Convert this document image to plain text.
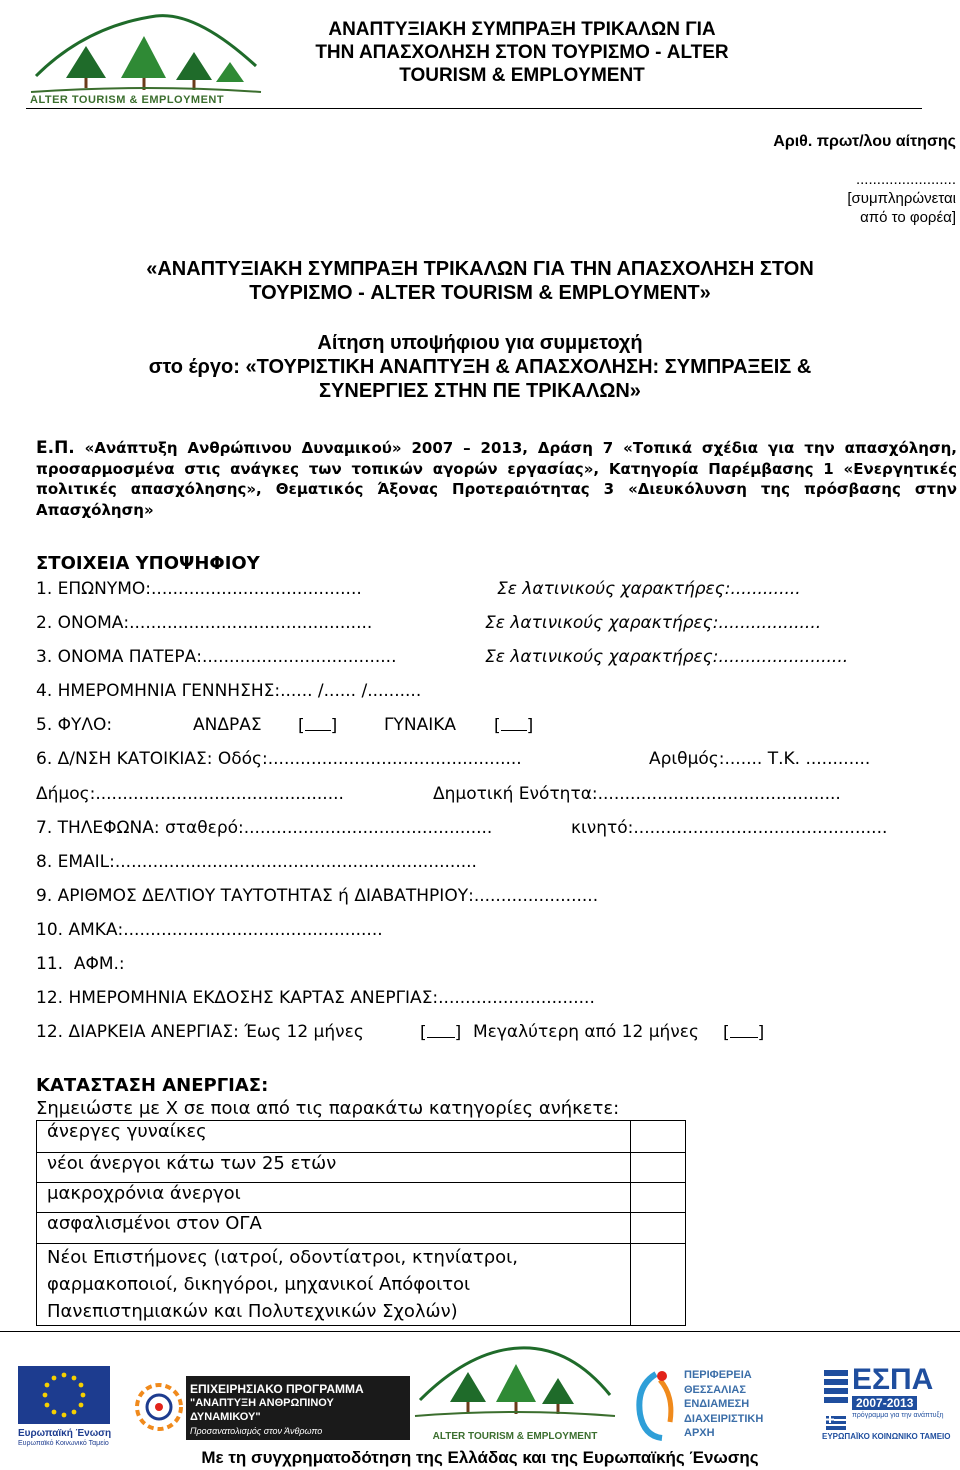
ALTER TOURISM & EMPLOYMENT
ΑΝΑΠΤΥΞΙΑΚΗ ΣΥΜΠΡΑΞΗ ΤΡΙΚΑΛΩΝ ΓΙΑ
ΤΗΝ ΑΠΑΣΧΟΛΗΣΗ ΣΤΟΝ ΤΟΥΡΙΣΜΟ - ALTER
TOURISM & EMPLOYMENT
Αριθ. πρωτ/λου αίτησης
........................
[συμπληρώνεται
από το φορέα]
«ΑΝΑΠΤΥΞΙΑΚΗ ΣΥΜΠΡΑΞΗ ΤΡΙΚΑΛΩΝ ΓΙΑ ΤΗΝ ΑΠΑΣΧΟΛΗΣΗ ΣΤΟΝ
ΤΟΥΡΙΣΜΟ - ALTER TOURISM & EMPLOYMENT»
Αίτηση υποψήφιου για συμμετοχή
στο έργο: «ΤΟΥΡΙΣΤΙΚΗ ΑΝΑΠΤΥΞΗ & ΑΠΑΣΧΟΛΗΣΗ: ΣΥΜΠΡΑΞΕΙΣ &
ΣΥΝΕΡΓΙΕΣ ΣΤΗΝ ΠΕ ΤΡΙΚΑΛΩΝ»
Ε.Π. «Ανάπτυξη Ανθρώπινου Δυναμικού» 2007 – 2013, Δράση 7 «Τοπικά σχέδια για την απασχόληση, προσαρμοσμένα στις ανάγκες των τοπικών αγορών εργασίας», Κατηγορία Παρέμβασης 1 «Ενεργητικές πολιτικές απασχόλησης», Θεματικός Άξονας Προτεραιότητας 3 «Διευκόλυνση της πρόσβασης στην Απασχόληση»
ΣΤΟΙΧΕΙΑ ΥΠΟΨΗΦΙΟΥ
1. ΕΠΩΝΥΜΟ:.......................................	Σε λατινικούς χαρακτήρες:.............
2. ΟΝΟΜΑ:.............................................	Σε λατινικούς χαρακτήρες:...................
3. ΟΝΟΜΑ ΠΑΤΕΡΑ:....................................	Σε λατινικούς χαρακτήρες:........................
4. ΗΜΕΡΟΜΗΝΙΑ ΓΕΝΝΗΣΗΣ:...... /...... /..........
5. ΦΥΛΟ:	ΑΝΔΡΑΣ [ ]	ΓΥΝΑΙΚΑ [ ]
6. Δ/ΝΣΗ ΚΑΤΟΙΚΙΑΣ: Οδός:...............................................	Αριθμός:....... Τ.Κ. ............
Δήμος:..............................................	Δημοτική Ενότητα:.............................................
7. ΤΗΛΕΦΩΝΑ: σταθερό:..............................................	κινητό:...............................................
8. EMAIL:...................................................................
9. ΑΡΙΘΜΟΣ ΔΕΛΤΙΟΥ ΤΑΥΤΟΤΗΤΑΣ ή ΔΙΑΒΑΤΗΡΙΟΥ:.......................
10. ΑΜΚΑ:................................................
11.  ΑΦΜ.:
12. ΗΜΕΡΟΜΗΝΙΑ ΕΚΔΟΣΗΣ ΚΑΡΤΑΣ ΑΝΕΡΓΙΑΣ:.............................
12. ΔΙΑΡΚΕΙΑ ΑΝΕΡΓΙΑΣ: Έως 12 μήνες	[ ] Μεγαλύτερη από 12 μήνες [ ]
ΚΑΤΑΣΤΑΣΗ ΑΝΕΡΓΙΑΣ:
Σημειώστε με Χ σε ποια από τις παρακάτω κατηγορίες ανήκετε:
άνεργες γυναίκες	
νέοι άνεργοι κάτω των 25 ετών	
μακροχρόνια άνεργοι	
ασφαλισμένοι στον ΟΓΑ	

Νέοι Επιστήμονες (ιατροί, οδοντίατροι, κτηνίατροι,
φαρμακοποιοί, δικηγόροι, μηχανικοί Απόφοιτοι
Πανεπιστημιακών και Πολυτεχνικών Σχολών)	

Ευρωπαϊκή Ένωση
Ευρωπαϊκό Κοινωνικό Ταμείο
ΕΠΙΧΕΙΡΗΣΙΑΚΟ ΠΡΟΓΡΑΜΜΑ
"ΑΝΑΠΤΥΞΗ ΑΝΘΡΩΠΙΝΟΥ ΔΥΝΑΜΙΚΟΥ"
Προσανατολισμός στον Άνθρωπο	ALTER TOURISM & EMPLOYMENT
ΠΕΡΙΦΕΡΕΙΑ
ΘΕΣΣΑΛΙΑΣ
ΕΝΔΙΑΜΕΣΗ
ΔΙΑΧΕΙΡΙΣΤΙΚΗ
ΑΡΧΗ
ΕΣΠΑ
2007-2013
πρόγραμμα για την ανάπτυξη
ΕΥΡΩΠΑΪΚΟ ΚΟΙΝΩΝΙΚΟ ΤΑΜΕΙΟ
Με τη συγχρηματοδότηση της Ελλάδας και της Ευρωπαϊκής Ένωσης
